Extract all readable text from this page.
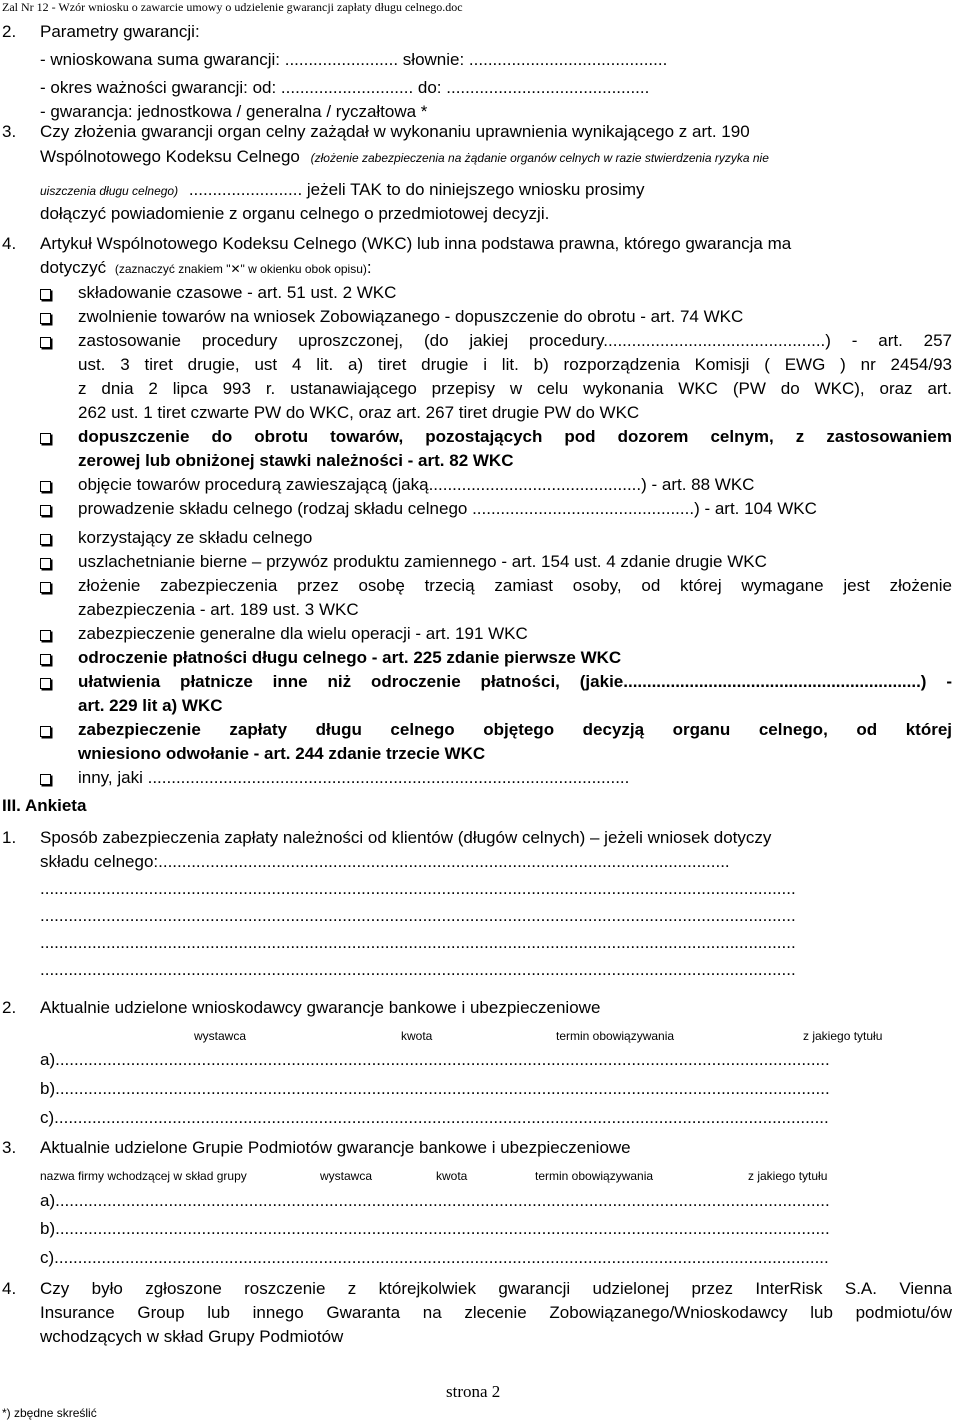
Zal Nr 12 - Wzór wniosku o zawarcie umowy o udzielenie gwarancji zapłaty długu celnego.doc
2. Parametry gwarancji:
- wnioskowana suma gwarancji: ........................ słownie: ..........................................
- okres ważności gwarancji: od: ............................ do: ...........................................
- gwarancja: jednostkowa / generalna / ryczałtowa *
3. Czy złożenia gwarancji organ celny zażądał w wykonaniu uprawnienia wynikającego z art. 190
Wspólnotowego Kodeksu Celnego (złożenie zabezpieczenia na żądanie organów celnych w razie stwierdzenia ryzyka nie
uiszczenia długu celnego) ........................ jeżeli TAK to do niniejszego wniosku prosimy
dołączyć powiadomienie z organu celnego o przedmiotowej decyzji.
4. Artykuł Wspólnotowego Kodeksu Celnego (WKC) lub inna podstawa prawna, którego gwarancja ma
dotyczyć (zaznaczyć znakiem "✕" w okienku obok opisu):
składowanie czasowe - art. 51 ust. 2 WKC
zwolnienie towarów na wniosek Zobowiązanego - dopuszczenie do obrotu - art. 74 WKC
zastosowanie procedury uproszczonej, (do jakiej procedury...............................................) - art. 257
ust. 3 tiret drugie, ust 4 lit. a) tiret drugie i lit. b) rozporządzenia Komisji ( EWG ) nr 2454/93
z dnia 2 lipca 993 r. ustanawiającego przepisy w celu wykonania WKC (PW do WKC), oraz art.
262 ust. 1 tiret czwarte PW do WKC, oraz art. 267 tiret drugie PW do WKC
dopuszczenie do obrotu towarów, pozostających pod dozorem celnym, z zastosowaniem
zerowej lub obniżonej stawki należności - art. 82 WKC
objęcie towarów procedurą zawieszającą (jaką.............................................) - art. 88 WKC
prowadzenie składu celnego (rodzaj składu celnego ...............................................) - art. 104 WKC
korzystający ze składu celnego
uszlachetnianie bierne – przywóz produktu zamiennego - art. 154 ust. 4 zdanie drugie WKC
złożenie zabezpieczenia przez osobę trzecią zamiast osoby, od której wymagane jest złożenie
zabezpieczenia - art. 189 ust. 3 WKC
zabezpieczenie generalne dla wielu operacji - art. 191 WKC
odroczenie płatności długu celnego - art. 225 zdanie pierwsze WKC
ułatwienia płatnicze inne niż odroczenie płatności, (jakie...............................................................) -
art. 229 lit a) WKC
zabezpieczenie zapłaty długu celnego objętego decyzją organu celnego, od której
wniesiono odwołanie - art. 244 zdanie trzecie WKC
inny, jaki ......................................................................................................
III. Ankieta
1. Sposób zabezpieczenia zapłaty należności od klientów (długów celnych) – jeżeli wniosek dotyczy
składu celnego:.........................................................................................................................
................................................................................................................................................................
................................................................................................................................................................
................................................................................................................................................................
................................................................................................................................................................
2. Aktualnie udzielone wnioskodawcy gwarancje bankowe i ubezpieczeniowe
wystawca	kwota	termin obowiązywania	z jakiego tytułu
a)....................................................................................................................................................................
b)....................................................................................................................................................................
c)....................................................................................................................................................................
3. Aktualnie udzielone Grupie Podmiotów gwarancje bankowe i ubezpieczeniowe
nazwa firmy wchodzącej w skład grupy	wystawca	kwota	termin obowiązywania	z jakiego tytułu
a)....................................................................................................................................................................
b)....................................................................................................................................................................
c)....................................................................................................................................................................
4. Czy było zgłoszone roszczenie z którejkolwiek gwarancji udzielonej przez InterRisk S.A. Vienna
Insurance Group lub innego Gwaranta na zlecenie Zobowiązanego/Wnioskodawcy lub podmiotu/ów
wchodzących w skład Grupy Podmiotów
strona 2
*) zbędne skreślić
